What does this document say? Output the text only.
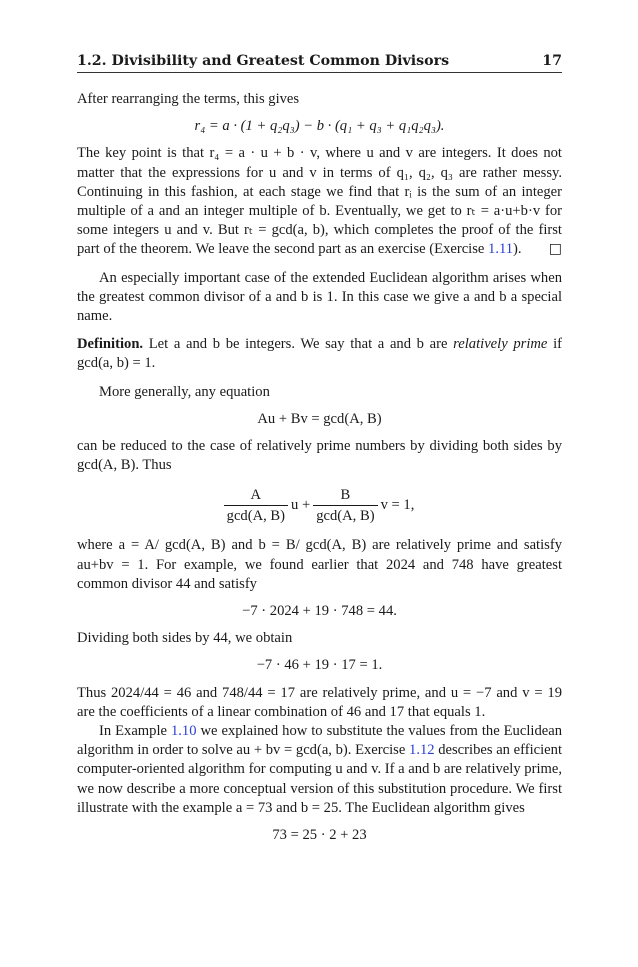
1.2. Divisibility and Greatest Common Divisors	17

After rearranging the terms, this gives

r₄ = a · (1 + q₂q₃) − b · (q₁ + q₃ + q₁q₂q₃).

The key point is that r₄ = a · u + b · v, where u and v are integers. It does not matter that the expressions for u and v in terms of q₁, q₂, q₃ are rather messy. Continuing in this fashion, at each stage we find that rᵢ is the sum of an integer multiple of a and an integer multiple of b. Eventually, we get to rₜ = a·u+b·v for some integers u and v. But rₜ = gcd(a, b), which completes the proof of the first part of the theorem. We leave the second part as an exercise (Exercise 1.11). □

An especially important case of the extended Euclidean algorithm arises when the greatest common divisor of a and b is 1. In this case we give a and b a special name.

Definition. Let a and b be integers. We say that a and b are relatively prime if gcd(a, b) = 1.

More generally, any equation

Au + Bv = gcd(A, B)

can be reduced to the case of relatively prime numbers by dividing both sides by gcd(A, B). Thus

$\frac{A}{\gcd(A, B)}$ $u + \frac{B}{\gcd(A, B)}$ v = 1,

where a = A/ gcd(A, B) and b = B/ gcd(A, B) are relatively prime and satisfy au+bv = 1. For example, we found earlier that 2024 and 748 have greatest common divisor 44 and satisfy

−7 · 2024 + 19 · 748 = 44.

Dividing both sides by 44, we obtain

−7 · 46 + 19 · 17 = 1.

Thus 2024/44 = 46 and 748/44 = 17 are relatively prime, and u = −7 and v = 19 are the coefficients of a linear combination of 46 and 17 that equals 1.

In Example 1.10 we explained how to substitute the values from the Euclidean algorithm in order to solve au + bv = gcd(a, b). Exercise 1.12 describes an efficient computer-oriented algorithm for computing u and v. If a and b are relatively prime, we now describe a more conceptual version of this substitution procedure. We first illustrate with the example a = 73 and b = 25. The Euclidean algorithm gives

73 = 25 · 2 + 23
